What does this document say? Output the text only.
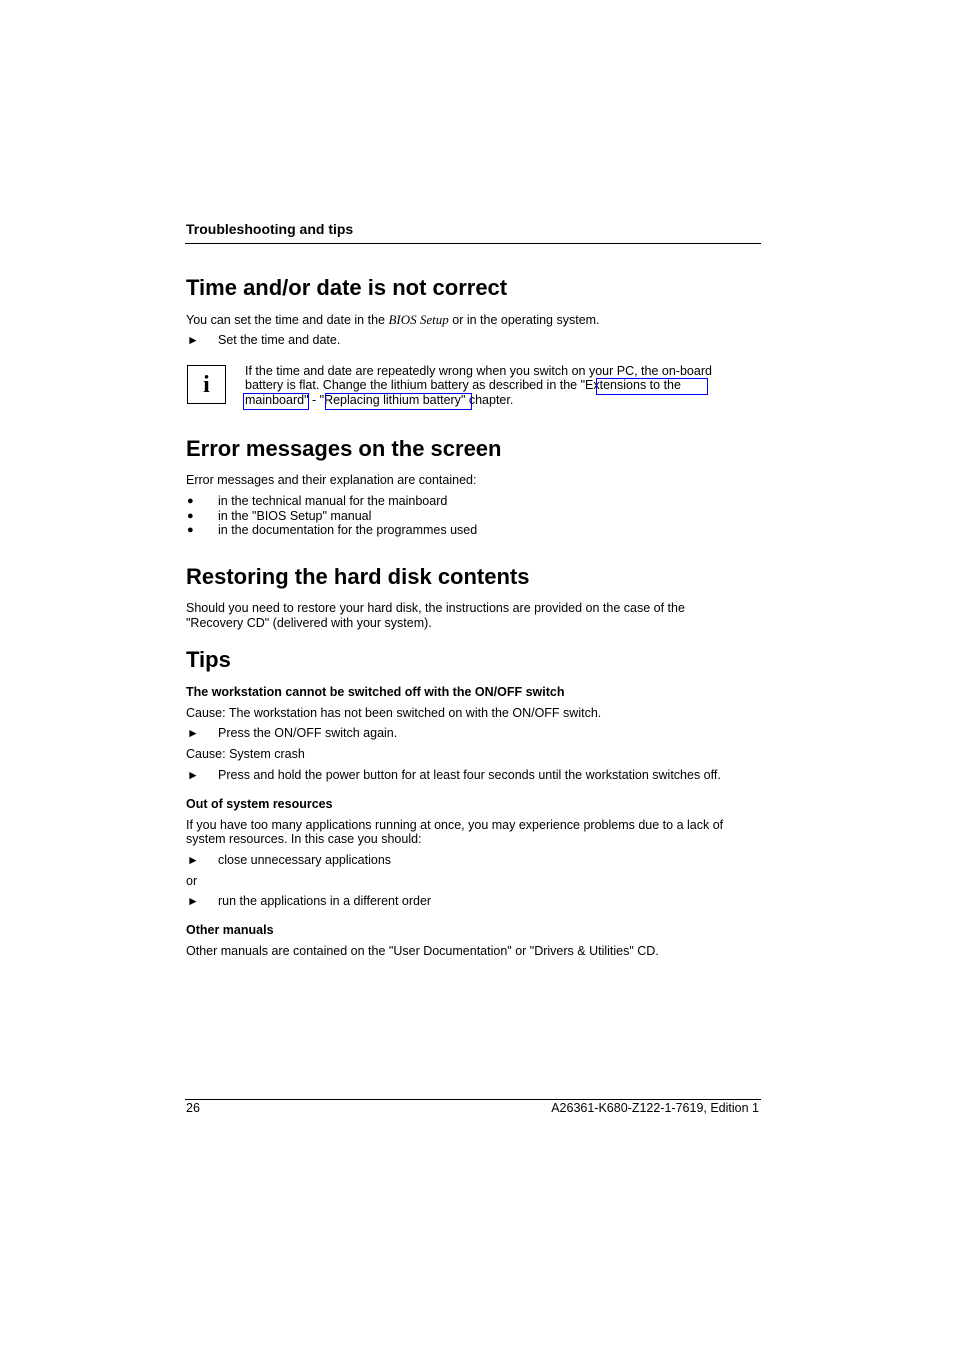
Troubleshooting and tips

Time and/or date is not correct

You can set the time and date in the BIOS Setup or in the operating system.

► Set the time and date.

i

If the time and date are repeatedly wrong when you switch on your PC, the on-board

battery is flat. Change the lithium battery as described in the "Extensions to the

mainboard" - "Replacing lithium battery" chapter.

Error messages on the screen

Error messages and their explanation are contained:

● in the technical manual for the mainboard

● in the "BIOS Setup" manual

● in the documentation for the programmes used

Restoring the hard disk contents

Should you need to restore your hard disk, the instructions are provided on the case of the

"Recovery CD" (delivered with your system).

Tips

The workstation cannot be switched off with the ON/OFF switch

Cause: The workstation has not been switched on with the ON/OFF switch.

► Press the ON/OFF switch again.

Cause: System crash

► Press and hold the power button for at least four seconds until the workstation switches off.

Out of system resources

If you have too many applications running at once, you may experience problems due to a lack of

system resources. In this case you should:

► close unnecessary applications

or

► run the applications in a different order

Other manuals

Other manuals are contained on the "User Documentation" or "Drivers & Utilities" CD.

26	A26361-K680-Z122-1-7619, Edition 1
